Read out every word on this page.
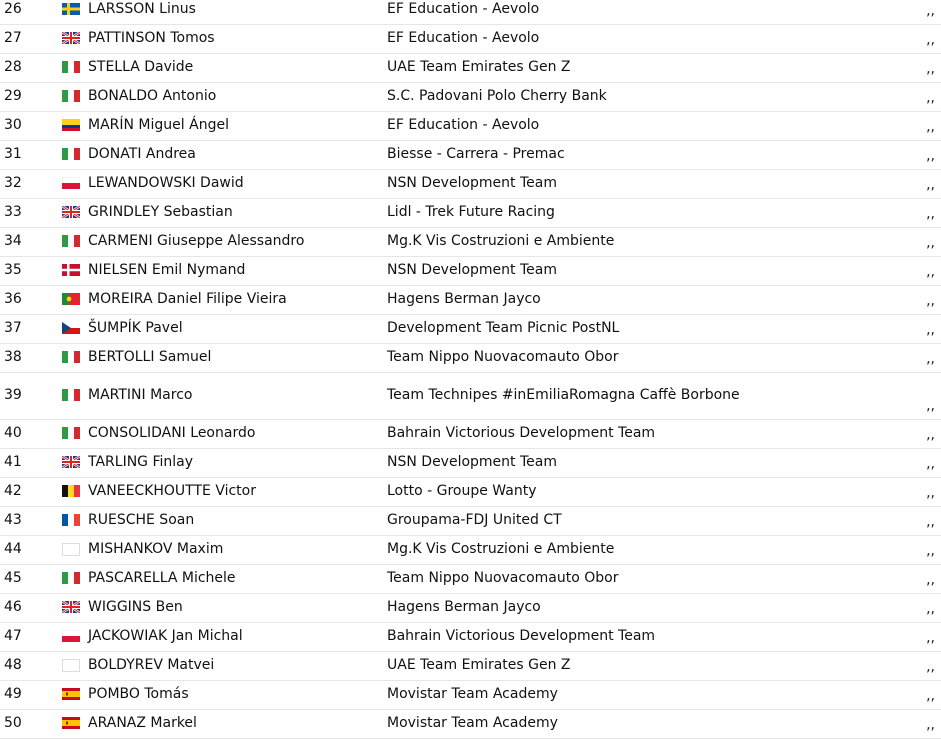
26		LARSSON Linus	EF Education - Aevolo	,,
27		PATTINSON Tomos	EF Education - Aevolo	,,
28		STELLA Davide	UAE Team Emirates Gen Z	,,
29		BONALDO Antonio	S.C. Padovani Polo Cherry Bank	,,
30		MARÍN Miguel Ángel	EF Education - Aevolo	,,
31		DONATI Andrea	Biesse - Carrera - Premac	,,
32		LEWANDOWSKI Dawid	NSN Development Team	,,
33		GRINDLEY Sebastian	Lidl - Trek Future Racing	,,
34		CARMENI Giuseppe Alessandro	Mg.K Vis Costruzioni e Ambiente	,,
35		NIELSEN Emil Nymand	NSN Development Team	,,
36		MOREIRA Daniel Filipe Vieira	Hagens Berman Jayco	,,
37		ŠUMPÍK Pavel	Development Team Picnic PostNL	,,
38		BERTOLLI Samuel	Team Nippo Nuovacomauto Obor	,,
39		MARTINI Marco	Team Technipes #inEmiliaRomagna Caffè Borbone	,,
40		CONSOLIDANI Leonardo	Bahrain Victorious Development Team	,,
41		TARLING Finlay	NSN Development Team	,,
42		VANEECKHOUTTE Victor	Lotto - Groupe Wanty	,,
43		RUESCHE Soan	Groupama-FDJ United CT	,,
44		MISHANKOV Maxim	Mg.K Vis Costruzioni e Ambiente	,,
45		PASCARELLA Michele	Team Nippo Nuovacomauto Obor	,,
46		WIGGINS Ben	Hagens Berman Jayco	,,
47		JACKOWIAK Jan Michal	Bahrain Victorious Development Team	,,
48		BOLDYREV Matvei	UAE Team Emirates Gen Z	,,
49		POMBO Tomás	Movistar Team Academy	,,
50		ARANAZ Markel	Movistar Team Academy	,,
